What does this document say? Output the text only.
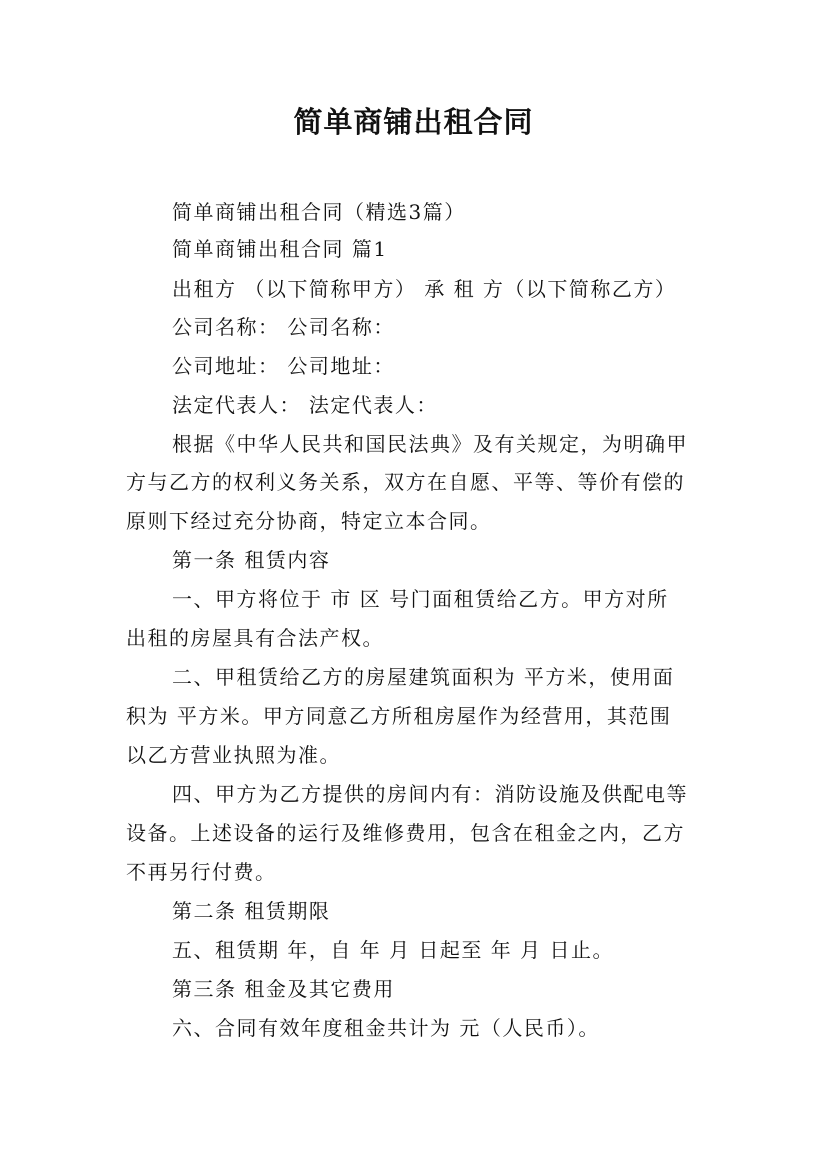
简单商铺出租合同
简单商铺出租合同（精选3篇）
简单商铺出租合同 篇1
出租方 （以下简称甲方） 承 租 方（以下简称乙方）
公司名称： 公司名称：
公司地址： 公司地址：
法定代表人： 法定代表人：
根据《中华人民共和国民法典》及有关规定，为明确甲
方与乙方的权利义务关系，双方在自愿、平等、等价有偿的
原则下经过充分协商，特定立本合同。
第一条 租赁内容
一、甲方将位于 市 区 号门面租赁给乙方。甲方对所
出租的房屋具有合法产权。
二、甲租赁给乙方的房屋建筑面积为 平方米，使用面
积为 平方米。甲方同意乙方所租房屋作为经营用，其范围
以乙方营业执照为准。
四、甲方为乙方提供的房间内有：消防设施及供配电等
设备。上述设备的运行及维修费用，包含在租金之内，乙方
不再另行付费。
第二条 租赁期限
五、租赁期 年，自 年 月 日起至 年 月 日止。
第三条 租金及其它费用
六、合同有效年度租金共计为 元（人民币）。
